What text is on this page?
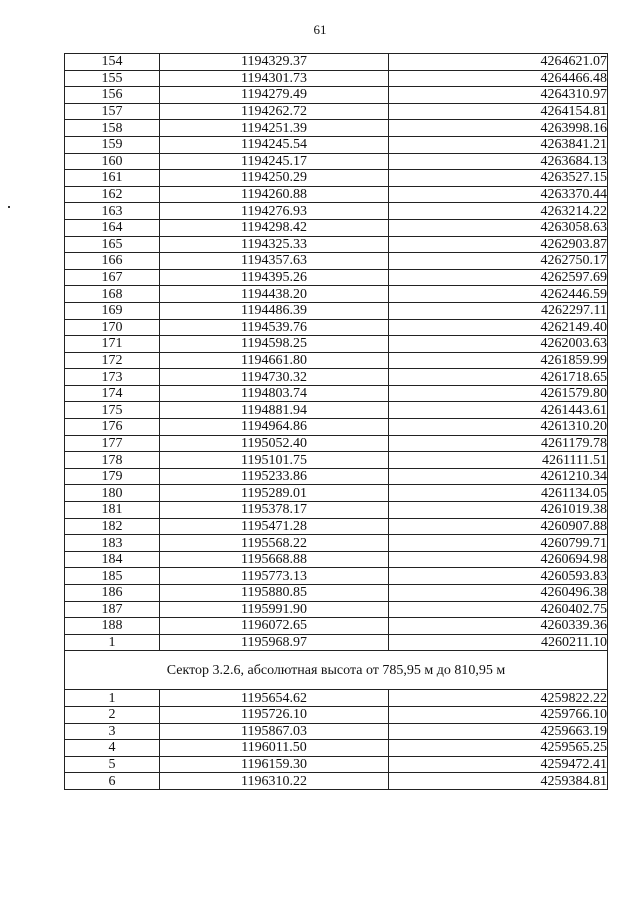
61
154	1194329.37	4264621.07
155	1194301.73	4264466.48
156	1194279.49	4264310.97
157	1194262.72	4264154.81
158	1194251.39	4263998.16
159	1194245.54	4263841.21
160	1194245.17	4263684.13
161	1194250.29	4263527.15
162	1194260.88	4263370.44
163	1194276.93	4263214.22
164	1194298.42	4263058.63
165	1194325.33	4262903.87
166	1194357.63	4262750.17
167	1194395.26	4262597.69
168	1194438.20	4262446.59
169	1194486.39	4262297.11
170	1194539.76	4262149.40
171	1194598.25	4262003.63
172	1194661.80	4261859.99
173	1194730.32	4261718.65
174	1194803.74	4261579.80
175	1194881.94	4261443.61
176	1194964.86	4261310.20
177	1195052.40	4261179.78
178	1195101.75	4261111.51
179	1195233.86	4261210.34
180	1195289.01	4261134.05
181	1195378.17	4261019.38
182	1195471.28	4260907.88
183	1195568.22	4260799.71
184	1195668.88	4260694.98
185	1195773.13	4260593.83
186	1195880.85	4260496.38
187	1195991.90	4260402.75
188	1196072.65	4260339.36
1	1195968.97	4260211.10
Сектор 3.2.6, абсолютная высота от 785,95 м до 810,95 м		
1	1195654.62	4259822.22
2	1195726.10	4259766.10
3	1195867.03	4259663.19
4	1196011.50	4259565.25
5	1196159.30	4259472.41
6	1196310.22	4259384.81
